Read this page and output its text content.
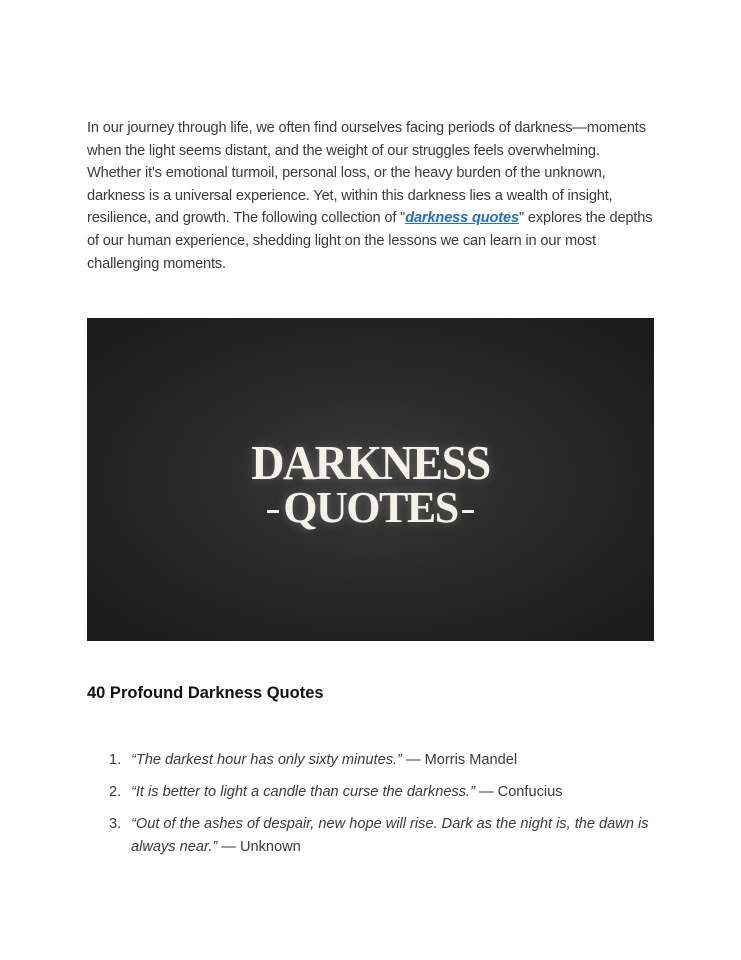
In our journey through life, we often find ourselves facing periods of darkness—moments when the light seems distant, and the weight of our struggles feels overwhelming. Whether it's emotional turmoil, personal loss, or the heavy burden of the unknown, darkness is a universal experience. Yet, within this darkness lies a wealth of insight, resilience, and growth. The following collection of "darkness quotes" explores the depths of our human experience, shedding light on the lessons we can learn in our most challenging moments.

DARKNESS
QUOTES
40 Profound Darkness Quotes
1. “The darkest hour has only sixty minutes.” — Morris Mandel
2. “It is better to light a candle than curse the darkness.” — Confucius
3. “Out of the ashes of despair, new hope will rise. Dark as the night is, the dawn is always near.” — Unknown
